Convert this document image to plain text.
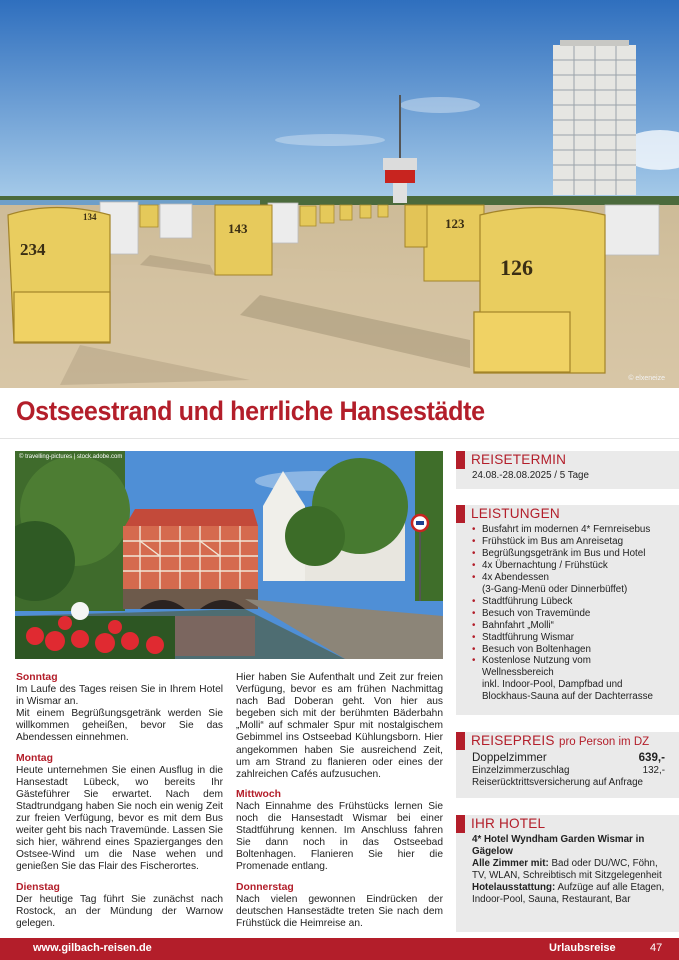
234
143	123
126
134
© elxeneize
Ostseestrand und herrliche Hansestädte
© travelling-pictures | stock.adobe.com
Sonntag

Im Laufe des Tages reisen Sie in Ihrem Hotel in Wismar an.
Mit einem Begrüßungsgetränk werden Sie willkommen geheißen, bevor Sie das Abendessen einnehmen.

Montag

Heute unternehmen Sie einen Ausflug in die Hansestadt Lübeck, wo bereits Ihr Gästeführer Sie erwartet. Nach dem Stadtrundgang haben Sie noch ein wenig Zeit zur freien Verfügung, bevor es mit dem Bus weiter geht bis nach Travemünde. Lassen Sie sich hier, während eines Spazierganges den Ostsee-Wind um die Nase wehen und genießen Sie das Flair des Fischerortes.

Dienstag

Der heutige Tag führt Sie zunächst nach Rostock, an der Mündung der Warnow gelegen.

Hier haben Sie Aufenthalt und Zeit zur freien Verfügung, bevor es am frühen Nachmittag nach Bad Doberan geht. Von hier aus begeben sich mit der berühmten Bäderbahn „Molli“ auf schmaler Spur mit nostalgischem Gebimmel ins Ostseebad Kühlungsborn. Hier angekommen haben Sie ausreichend Zeit, um am Strand zu flanieren oder eines der zahlreichen Cafés aufzusuchen.

Mittwoch

Nach Einnahme des Frühstücks lernen Sie noch die Hansestadt Wismar bei einer Stadtführung kennen. Im Anschluss fahren Sie dann noch in das Ostseebad Boltenhagen. Flanieren Sie hier die Promenade entlang.

Donnerstag

Nach vielen gewonnen Eindrücken der deutschen Hansestädte treten Sie nach dem Frühstück die Heimreise an.

REISETERMIN
24.08.-28.08.2025 / 5 Tage
LEISTUNGEN
• Busfahrt im modernen 4* Fernreisebus
• Frühstück im Bus am Anreisetag
• Begrüßungsgetränk im Bus und Hotel
• 4x Übernachtung / Frühstück
• 4x Abendessen
(3-Gang-Menü oder Dinnerbüffet)
• Stadtführung Lübeck
• Besuch von Travemünde
• Bahnfahrt „Molli“
• Stadtführung Wismar
• Besuch von Boltenhagen
• Kostenlose Nutzung vom
Wellnessbereich
inkl. Indoor-Pool, Dampfbad und
Blockhaus-Sauna auf der Dachterrasse
REISEPREIS pro Person im DZ
Doppelzimmer	639,-
Einzelzimmerzuschlag	132,-
Reiserücktrittsversicherung auf Anfrage
IHR HOTEL
4* Hotel Wyndham Garden Wismar in Gägelow
Alle Zimmer mit: Bad oder DU/WC, Föhn, TV, WLAN, Schreibtisch mit Sitzgelegenheit
Hotelausstattung: Aufzüge auf alle Etagen, Indoor-Pool, Sauna, Restaurant, Bar
www.gilbach-reisen.de	Urlaubsreise	47
